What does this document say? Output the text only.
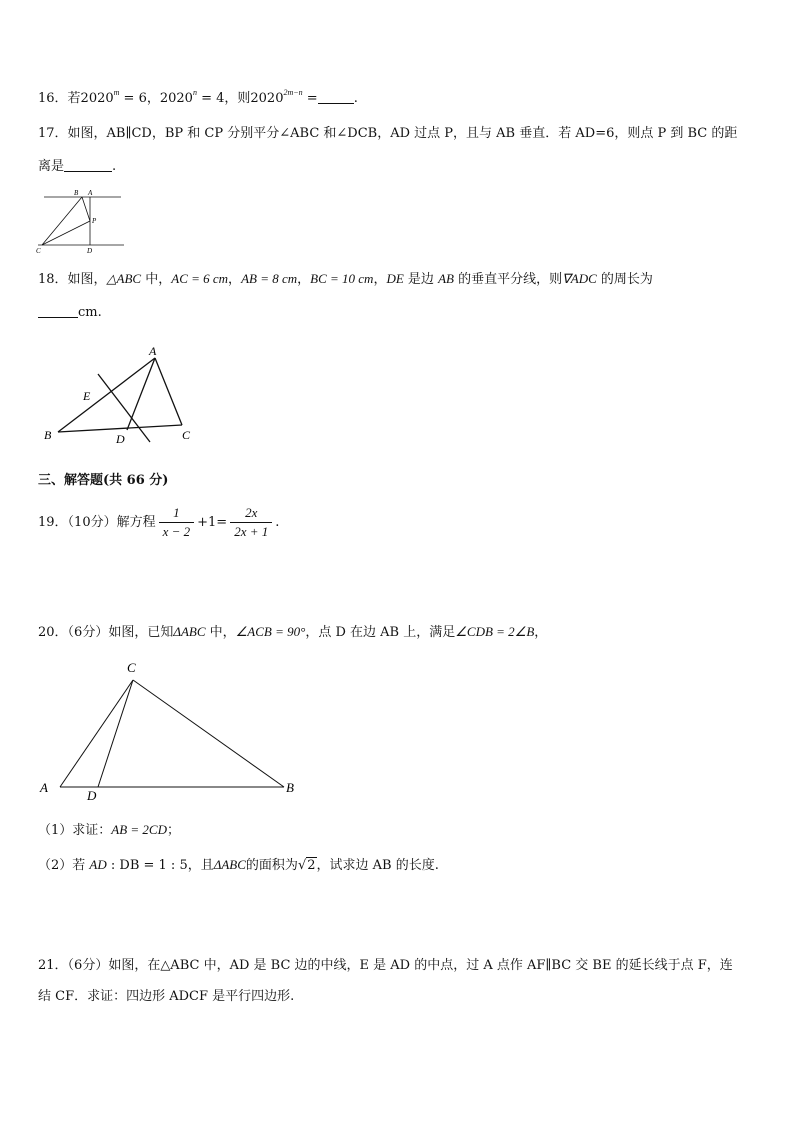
16．若$2020^m = 6$，$2020^n = 4$，则$2020^{2m-n}$ =	.
17．如图，AB∥CD，BP 和 CP 分别平分∠ABC 和∠DCB，AD 过点 P，且与 AB 垂直．若 AD=6，则点 P 到 BC 的距
离是	.
B A
P
C	D
18．如图，△ABC 中，AC = 6 cm，AB = 8 cm，BC = 10 cm，DE 是边 AB 的垂直平分线，则∇ADC 的周长为
cm.
A
E
B	D	C
三、解答题(共 66 分)
19．（10分）解方程 $\frac{1}{x - 2} +1= \frac{2x}{2x + 1}$ .
20．（6分）如图，已知ΔABC 中，∠ACB = 90°，点 D 在边 AB 上，满足∠CDB = 2∠B，
C
A
D
B
（1）求证：AB = 2CD；
（2）若 AD : DB = 1 : 5，且ΔABC的面积为√2，试求边 AB 的长度.
21．（6分）如图，在△ABC 中，AD 是 BC 边的中线，E 是 AD 的中点，过 A 点作 AF∥BC 交 BE 的延长线于点 F，连
结 CF．求证：四边形 ADCF 是平行四边形.
